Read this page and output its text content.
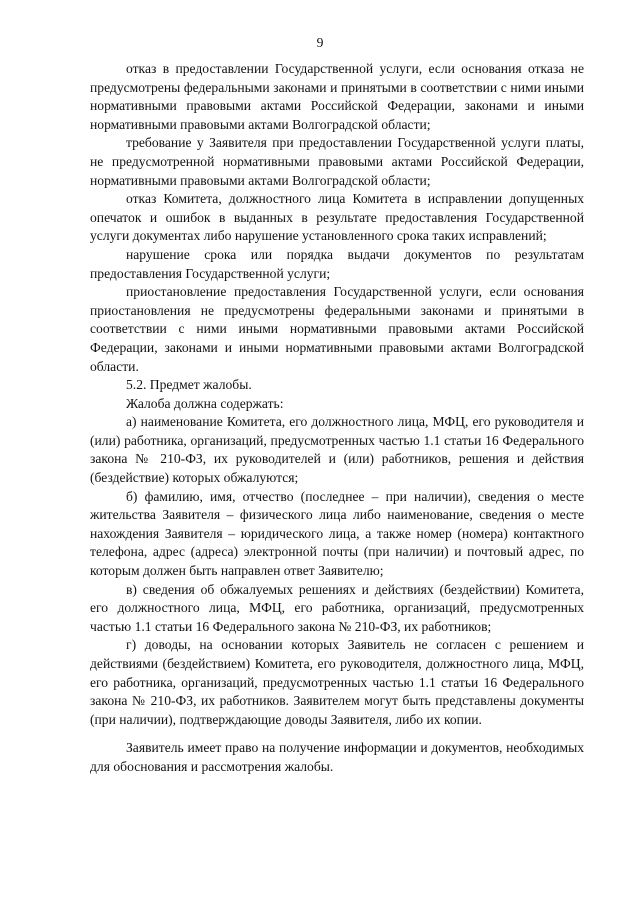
9

отказ в предоставлении Государственной услуги, если основания отказа не предусмотрены федеральными законами и принятыми в соответствии с ними иными нормативными правовыми актами Российской Федерации, законами и иными нормативными правовыми актами Волгоградской области;

требование у Заявителя при предоставлении Государственной услуги платы, не предусмотренной нормативными правовыми актами Российской Федерации, нормативными правовыми актами Волгоградской области;

отказ Комитета, должностного лица Комитета в исправлении допущенных опечаток и ошибок в выданных в результате предоставления Государственной услуги документах либо нарушение установленного срока таких исправлений;

нарушение срока или порядка выдачи документов по результатам предоставления Государственной услуги;

приостановление предоставления Государственной услуги, если основания приостановления не предусмотрены федеральными законами и принятыми в соответствии с ними иными нормативными правовыми актами Российской Федерации, законами и иными нормативными правовыми актами Волгоградской области.

5.2. Предмет жалобы.

Жалоба должна содержать:

а) наименование Комитета, его должностного лица, МФЦ, его руководителя и (или) работника, организаций, предусмотренных частью 1.1 статьи 16 Федерального закона № 210-ФЗ, их руководителей и (или) работников, решения и действия (бездействие) которых обжалуются;

б) фамилию, имя, отчество (последнее – при наличии), сведения о месте жительства Заявителя – физического лица либо наименование, сведения о месте нахождения Заявителя – юридического лица, а также номер (номера) контактного телефона, адрес (адреса) электронной почты (при наличии) и почтовый адрес, по которым должен быть направлен ответ Заявителю;

в) сведения об обжалуемых решениях и действиях (бездействии) Комитета, его должностного лица, МФЦ, его работника, организаций, предусмотренных частью 1.1 статьи 16 Федерального закона № 210-ФЗ, их работников;

г) доводы, на основании которых Заявитель не согласен с решением и действиями (бездействием) Комитета, его руководителя, должностного лица, МФЦ, его работника, организаций, предусмотренных частью 1.1 статьи 16 Федерального закона № 210-ФЗ, их работников. Заявителем могут быть представлены документы (при наличии), подтверждающие доводы Заявителя, либо их копии.

Заявитель имеет право на получение информации и документов, необходимых для обоснования и рассмотрения жалобы.
